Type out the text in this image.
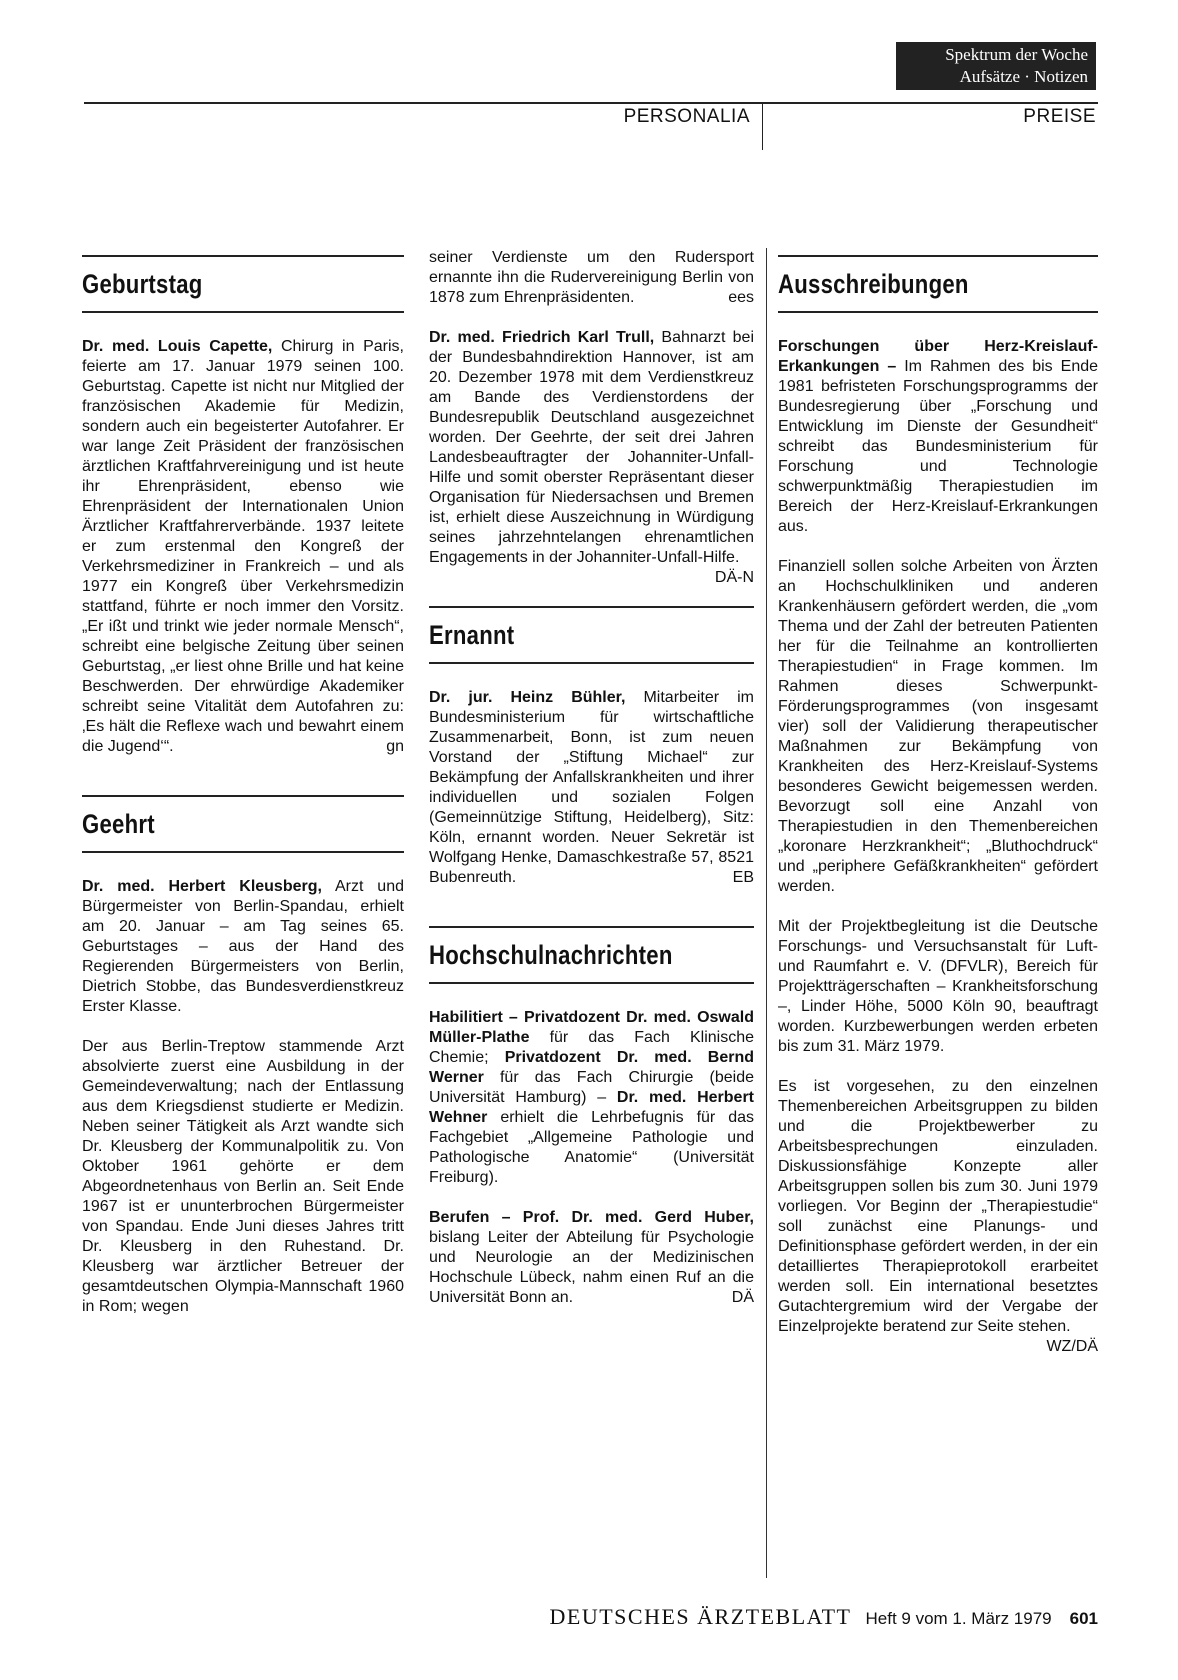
Spektrum der Woche
Aufsätze · Notizen
PERSONALIA	PREISE
Geburtstag

Dr. med. Louis Capette, Chirurg in Paris, feierte am 17. Januar 1979 seinen 100. Geburtstag. Capette ist nicht nur Mitglied der französischen Akademie für Medizin, sondern auch ein begeisterter Autofahrer. Er war lange Zeit Präsident der französischen ärztlichen Kraftfahrvereinigung und ist heute ihr Ehrenpräsident, ebenso wie Ehrenpräsident der Internationalen Union Ärztlicher Kraftfahrerverbände. 1937 leitete er zum erstenmal den Kongreß der Verkehrsmediziner in Frankreich – und als 1977 ein Kongreß über Verkehrsmedizin stattfand, führte er noch immer den Vorsitz. „Er ißt und trinkt wie jeder normale Mensch“, schreibt eine belgische Zeitung über seinen Geburtstag, „er liest ohne Brille und hat keine Beschwerden. Der ehrwürdige Akademiker schreibt seine Vitalität dem Autofahren zu: ‚Es hält die Reflexe wach und bewahrt einem die Jugend‘“.	gn

Geehrt

Dr. med. Herbert Kleusberg, Arzt und Bürgermeister von Berlin-Spandau, erhielt am 20. Januar – am Tag seines 65. Geburtstages – aus der Hand des Regierenden Bürgermeisters von Berlin, Dietrich Stobbe, das Bundesverdienstkreuz Erster Klasse.

Der aus Berlin-Treptow stammende Arzt absolvierte zuerst eine Ausbildung in der Gemeindeverwaltung; nach der Entlassung aus dem Kriegsdienst studierte er Medizin. Neben seiner Tätigkeit als Arzt wandte sich Dr. Kleusberg der Kommunalpolitik zu. Von Oktober 1961 gehörte er dem Abgeordnetenhaus von Berlin an. Seit Ende 1967 ist er ununterbrochen Bürgermeister von Spandau. Ende Juni dieses Jahres tritt Dr. Kleusberg in den Ruhestand. Dr. Kleusberg war ärztlicher Betreuer der gesamtdeutschen Olympia-Mannschaft 1960 in Rom; wegen

seiner Verdienste um den Rudersport ernannte ihn die Rudervereinigung Berlin von 1878 zum Ehrenpräsidenten.	ees

Dr. med. Friedrich Karl Trull, Bahnarzt bei der Bundesbahndirektion Hannover, ist am 20. Dezember 1978 mit dem Verdienstkreuz am Bande des Verdienstordens der Bundesrepublik Deutschland ausgezeichnet worden. Der Geehrte, der seit drei Jahren Landesbeauftragter der Johanniter-Unfall-Hilfe und somit oberster Repräsentant dieser Organisation für Niedersachsen und Bremen ist, erhielt diese Auszeichnung in Würdigung seines jahrzehntelangen ehrenamtlichen Engagements in der Johanniter-Unfall-Hilfe.
DÄ-N

Ernannt

Dr. jur. Heinz Bühler, Mitarbeiter im Bundesministerium für wirtschaftliche Zusammenarbeit, Bonn, ist zum neuen Vorstand der „Stiftung Michael“ zur Bekämpfung der Anfallskrankheiten und ihrer individuellen und sozialen Folgen (Gemeinnützige Stiftung, Heidelberg), Sitz: Köln, ernannt worden. Neuer Sekretär ist Wolfgang Henke, Damaschkestraße 57, 8521 Bubenreuth.	EB

Hochschulnachrichten

Habilitiert – Privatdozent Dr. med. Oswald Müller-Plathe für das Fach Klinische Chemie; Privatdozent Dr. med. Bernd Werner für das Fach Chirurgie (beide Universität Hamburg) – Dr. med. Herbert Wehner erhielt die Lehrbefugnis für das Fachgebiet „Allgemeine Pathologie und Pathologische Anatomie“ (Universität Freiburg).

Berufen – Prof. Dr. med. Gerd Huber, bislang Leiter der Abteilung für Psychologie und Neurologie an der Medizinischen Hochschule Lübeck, nahm einen Ruf an die Universität Bonn an.	DÄ

Ausschreibungen

Forschungen über Herz-Kreislauf-Erkankungen – Im Rahmen des bis Ende 1981 befristeten Forschungsprogramms der Bundesregierung über „Forschung und Entwicklung im Dienste der Gesundheit“ schreibt das Bundesministerium für Forschung und Technologie schwerpunktmäßig Therapiestudien im Bereich der Herz-Kreislauf-Erkrankungen aus.

Finanziell sollen solche Arbeiten von Ärzten an Hochschulkliniken und anderen Krankenhäusern gefördert werden, die „vom Thema und der Zahl der betreuten Patienten her für die Teilnahme an kontrollierten Therapiestudien“ in Frage kommen. Im Rahmen dieses Schwerpunkt-Förderungsprogrammes (von insgesamt vier) soll der Validierung therapeutischer Maßnahmen zur Bekämpfung von Krankheiten des Herz-Kreislauf-Systems besonderes Gewicht beigemessen werden. Bevorzugt soll eine Anzahl von Therapiestudien in den Themenbereichen „koronare Herzkrankheit“; „Bluthochdruck“ und „periphere Gefäßkrankheiten“ gefördert werden.

Mit der Projektbegleitung ist die Deutsche Forschungs- und Versuchsanstalt für Luft- und Raumfahrt e. V. (DFVLR), Bereich für Projektträgerschaften – Krankheitsforschung –, Linder Höhe, 5000 Köln 90, beauftragt worden. Kurzbewerbungen werden erbeten bis zum 31. März 1979.

Es ist vorgesehen, zu den einzelnen Themenbereichen Arbeitsgruppen zu bilden und die Projektbewerber zu Arbeitsbesprechungen einzuladen. Diskussionsfähige Konzepte aller Arbeitsgruppen sollen bis zum 30. Juni 1979 vorliegen. Vor Beginn der „Therapiestudie“ soll zunächst eine Planungs- und Definitionsphase gefördert werden, in der ein detailliertes Therapieprotokoll erarbeitet werden soll. Ein international besetztes Gutachtergremium wird der Vergabe der Einzelprojekte beratend zur Seite stehen.
WZ/DÄ

DEUTSCHES ÄRZTEBLATT Heft 9 vom 1. März 1979 601
